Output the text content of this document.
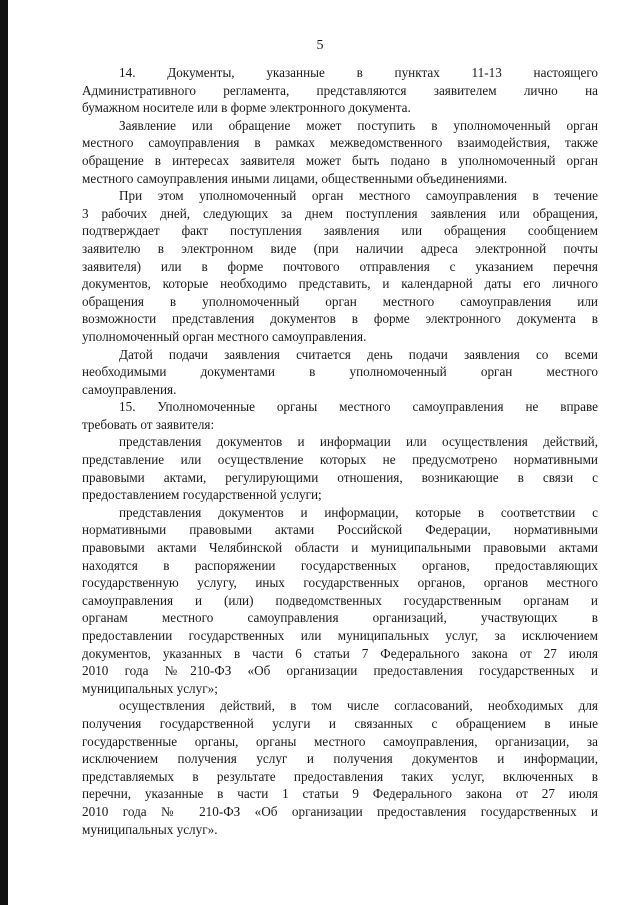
5
14. Документы, указанные в пунктах 11-13 настоящего
Административного регламента, представляются заявителем лично на
бумажном носителе или в форме электронного документа.
Заявление или обращение может поступить в уполномоченный орган
местного самоуправления в рамках межведомственного взаимодействия, также
обращение в интересах заявителя может быть подано в уполномоченный орган
местного самоуправления иными лицами, общественными объединениями.
При этом уполномоченный орган местного самоуправления в течение
3 рабочих дней, следующих за днем поступления заявления или обращения,
подтверждает факт поступления заявления или обращения сообщением
заявителю в электронном виде (при наличии адреса электронной почты
заявителя) или в форме почтового отправления с указанием перечня
документов, которые необходимо представить, и календарной даты его личного
обращения в уполномоченный орган местного самоуправления или
возможности представления документов в форме электронного документа в
уполномоченный орган местного самоуправления.
Датой подачи заявления считается день подачи заявления со всеми
необходимыми документами в уполномоченный орган местного
самоуправления.
15. Уполномоченные органы местного самоуправления не вправе
требовать от заявителя:
представления документов и информации или осуществления действий,
представление или осуществление которых не предусмотрено нормативными
правовыми актами, регулирующими отношения, возникающие в связи с
предоставлением государственной услуги;
представления документов и информации, которые в соответствии с
нормативными правовыми актами Российской Федерации, нормативными
правовыми актами Челябинской области и муниципальными правовыми актами
находятся в распоряжении государственных органов, предоставляющих
государственную услугу, иных государственных органов, органов местного
самоуправления и (или) подведомственных государственным органам и
органам местного самоуправления организаций, участвующих в
предоставлении государственных или муниципальных услуг, за исключением
документов, указанных в части 6 статьи 7 Федерального закона от 27 июля
2010 года №210-ФЗ «Об организации предоставления государственных и
муниципальных услуг»;
осуществления действий, в том числе согласований, необходимых для
получения государственной услуги и связанных с обращением в иные
государственные органы, органы местного самоуправления, организации, за
исключением получения услуг и получения документов и информации,
представляемых в результате предоставления таких услуг, включенных в
перечни, указанные в части 1 статьи 9 Федерального закона от 27 июля
2010 года № 210-ФЗ «Об организации предоставления государственных и
муниципальных услуг».
